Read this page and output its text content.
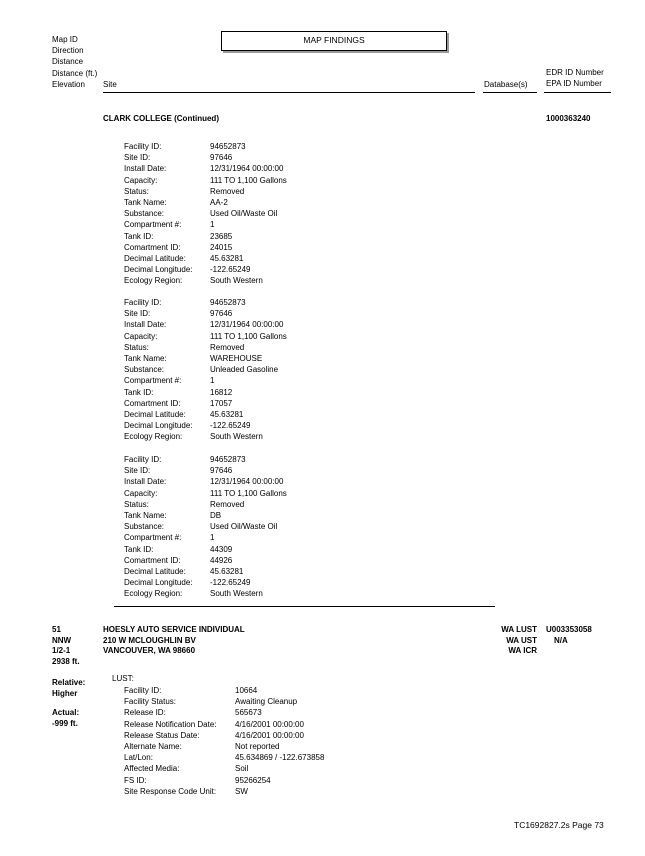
Map ID
Direction
Distance
Distance (ft.)
Elevation
MAP FINDINGS
Site	Database(s)
EDR ID Number
EPA ID Number
CLARK COLLEGE (Continued)	1000363240
Facility ID:	94652873
Site ID:	97646
Install Date:	12/31/1964 00:00:00
Capacity:	111 TO 1,100 Gallons
Status:	Removed
Tank Name:	AA-2
Substance:	Used Oil/Waste Oil
Compartment #:	1
Tank ID:	23685
Comartment ID:	24015
Decimal Latitude:	45.63281
Decimal Longitude:	-122.65249
Ecology Region:	South Western
Facility ID:	94652873
Site ID:	97646
Install Date:	12/31/1964 00:00:00
Capacity:	111 TO 1,100 Gallons
Status:	Removed
Tank Name:	WAREHOUSE
Substance:	Unleaded Gasoline
Compartment #:	1
Tank ID:	16812
Comartment ID:	17057
Decimal Latitude:	45.63281
Decimal Longitude:	-122.65249
Ecology Region:	South Western
Facility ID:	94652873
Site ID:	97646
Install Date:	12/31/1964 00:00:00
Capacity:	111 TO 1,100 Gallons
Status:	Removed
Tank Name:	DB
Substance:	Used Oil/Waste Oil
Compartment #:	1
Tank ID:	44309
Comartment ID:	44926
Decimal Latitude:	45.63281
Decimal Longitude:	-122.65249
Ecology Region:	South Western
51
NNW
1/2-1
2938 ft.
HOESLY AUTO SERVICE INDIVIDUAL
210 W MCLOUGHLIN BV
VANCOUVER, WA 98660
WA LUST
WA UST
WA ICR
U003353058
N/A
Relative:
Higher
Actual:
-999 ft.
LUST:
Facility ID:	10664
Facility Status:	Awaiting Cleanup
Release ID:	565673
Release Notification Date:	4/16/2001 00:00:00
Release Status Date:	4/16/2001 00:00:00
Alternate Name:	Not reported
Lat/Lon:	45.634869 / -122.673858
Affected Media:	Soil
FS ID:	95266254
Site Response Code Unit:	SW
TC1692827.2s Page 73
